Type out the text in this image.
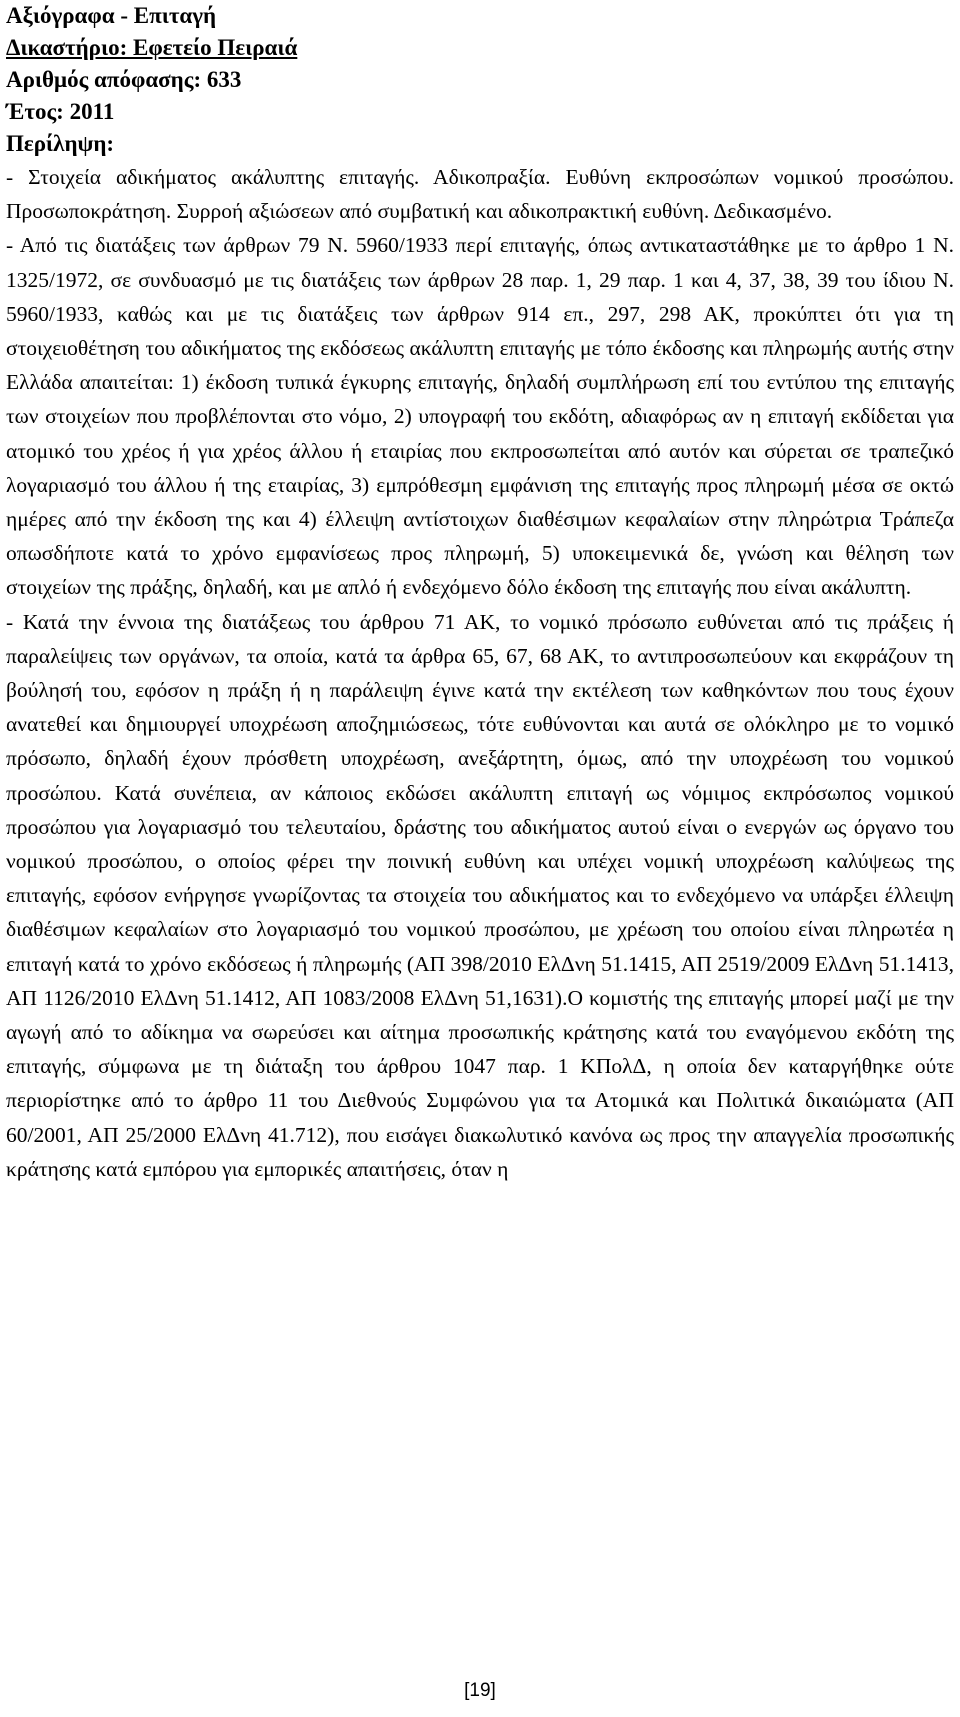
Αξιόγραφα - Επιταγή
Δικαστήριο: Εφετείο Πειραιά
Αριθμός απόφασης: 633
Έτος: 2011
Περίληψη:

- Στοιχεία αδικήματος ακάλυπτης επιταγής. Αδικοπραξία. Ευθύνη εκπροσώπων νομικού προσώπου. Προσωποκράτηση. Συρροή αξιώσεων από συμβατική και αδικοπρακτική ευθύνη. Δεδικασμένο.

- Από τις διατάξεις των άρθρων 79 Ν. 5960/1933 περί επιταγής, όπως αντικαταστάθηκε με το άρθρο 1 Ν. 1325/1972, σε συνδυασμό με τις διατάξεις των άρθρων 28 παρ. 1, 29 παρ. 1 και 4, 37, 38, 39 του ίδιου Ν. 5960/1933, καθώς και με τις διατάξεις των άρθρων 914 επ., 297, 298 ΑΚ, προκύπτει ότι για τη στοιχειοθέτηση του αδικήματος της εκδόσεως ακάλυπτη επιταγής με τόπο έκδοσης και πληρωμής αυτής στην Ελλάδα απαιτείται: 1) έκδοση τυπικά έγκυρης επιταγής, δηλαδή συμπλήρωση επί του εντύπου της επιταγής των στοιχείων που προβλέπονται στο νόμο, 2) υπογραφή του εκδότη, αδιαφόρως αν η επιταγή εκδίδεται για ατομικό του χρέος ή για χρέος άλλου ή εταιρίας που εκπροσωπείται από αυτόν και σύρεται σε τραπεζικό λογαριασμό του άλλου ή της εταιρίας, 3) εμπρόθεσμη εμφάνιση της επιταγής προς πληρωμή μέσα σε οκτώ ημέρες από την έκδοση της και 4) έλλειψη αντίστοιχων διαθέσιμων κεφαλαίων στην πληρώτρια Τράπεζα οπωσδήποτε κατά το χρόνο εμφανίσεως προς πληρωμή, 5) υποκειμενικά δε, γνώση και θέληση των στοιχείων της πράξης, δηλαδή, και με απλό ή ενδεχόμενο δόλο έκδοση της επιταγής που είναι ακάλυπτη.

- Κατά την έννοια της διατάξεως του άρθρου 71 ΑΚ, το νομικό πρόσωπο ευθύνεται από τις πράξεις ή παραλείψεις των οργάνων, τα οποία, κατά τα άρθρα 65, 67, 68 ΑΚ, το αντιπροσωπεύουν και εκφράζουν τη βούλησή του, εφόσον η πράξη ή η παράλειψη έγινε κατά την εκτέλεση των καθηκόντων που τους έχουν ανατεθεί και δημιουργεί υποχρέωση αποζημιώσεως, τότε ευθύνονται και αυτά σε ολόκληρο με το νομικό πρόσωπο, δηλαδή έχουν πρόσθετη υποχρέωση, ανεξάρτητη, όμως, από την υποχρέωση του νομικού προσώπου. Κατά συνέπεια, αν κάποιος εκδώσει ακάλυπτη επιταγή ως νόμιμος εκπρόσωπος νομικού προσώπου για λογαριασμό του τελευταίου, δράστης του αδικήματος αυτού είναι ο ενεργών ως όργανο του νομικού προσώπου, ο οποίος φέρει την ποινική ευθύνη και υπέχει νομική υποχρέωση καλύψεως της επιταγής, εφόσον ενήργησε γνωρίζοντας τα στοιχεία του αδικήματος και το ενδεχόμενο να υπάρξει έλλειψη διαθέσιμων κεφαλαίων στο λογαριασμό του νομικού προσώπου, με χρέωση του οποίου είναι πληρωτέα η επιταγή κατά το χρόνο εκδόσεως ή πληρωμής (ΑΠ 398/2010 ΕλΔνη 51.1415, ΑΠ 2519/2009 ΕλΔνη 51.1413, ΑΠ 1126/2010 ΕλΔνη 51.1412, ΑΠ 1083/2008 ΕλΔνη 51,1631).Ο κομιστής της επιταγής μπορεί μαζί με την αγωγή από το αδίκημα να σωρεύσει και αίτημα προσωπικής κράτησης κατά του εναγόμενου εκδότη της επιταγής, σύμφωνα με τη διάταξη του άρθρου 1047 παρ. 1 ΚΠολΔ, η οποία δεν καταργήθηκε ούτε περιορίστηκε από το άρθρο 11 του Διεθνούς Συμφώνου για τα Ατομικά και Πολιτικά δικαιώματα (ΑΠ 60/2001, ΑΠ 25/2000 ΕλΔνη 41.712), που εισάγει διακωλυτικό κανόνα ως προς την απαγγελία προσωπικής κράτησης κατά εμπόρου για εμπορικές απαιτήσεις, όταν η

[19]
